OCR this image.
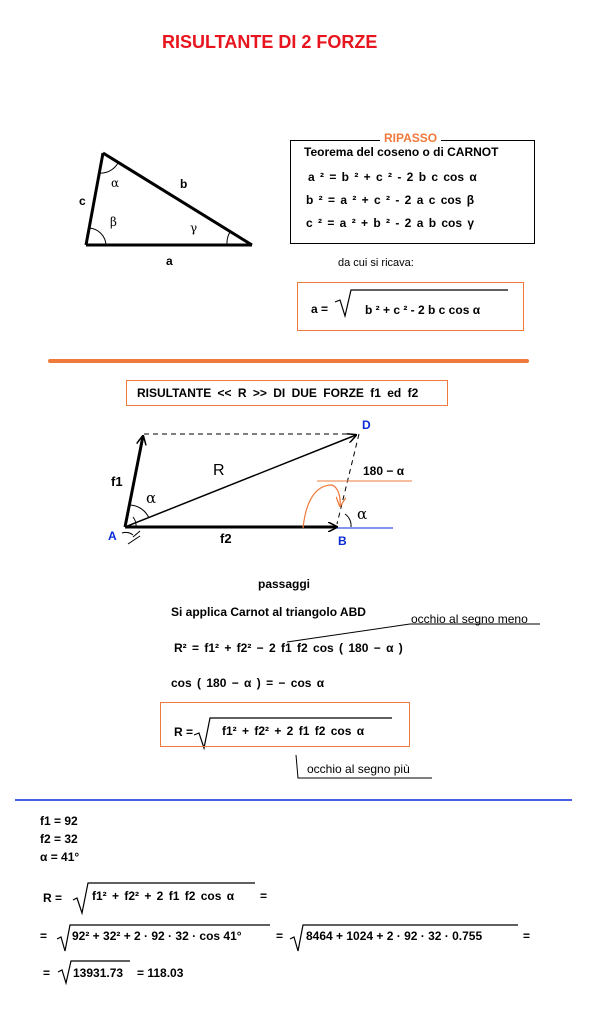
RISULTANTE DI 2 FORZE
c
b
a
α
β	γ
RIPASSO
Teorema del coseno o di CARNOT
a ² = b ² + c ² - 2 b c cos α
b ² = a ² + c ² - 2 a c cos β
c ² = a ² + b ² - 2 a b cos γ
da cui si ricava:
a =	b ² + c ² - 2 b c cos α
RISULTANTE << R >> DI DUE FORZE f1 ed f2
D
A	B
R
f1
f2
α
α
180 − α
passaggi
Si applica Carnot al triangolo ABD	occhio al segno meno
R² = f1² + f2² − 2 f1 f2 cos ( 180 − α )
cos ( 180 − α ) = − cos α
R = f1² + f2² + 2 f1 f2 cos α
occhio al segno più
f1 = 92
f2 = 32
α = 41°
R = f1² + f2² + 2 f1 f2 cos α =
= 92² + 32² + 2 · 92 · 32 · cos 41°	= 8464 + 1024 + 2 · 92 · 32 · 0.755	=
= 13931.73 = 118.03
